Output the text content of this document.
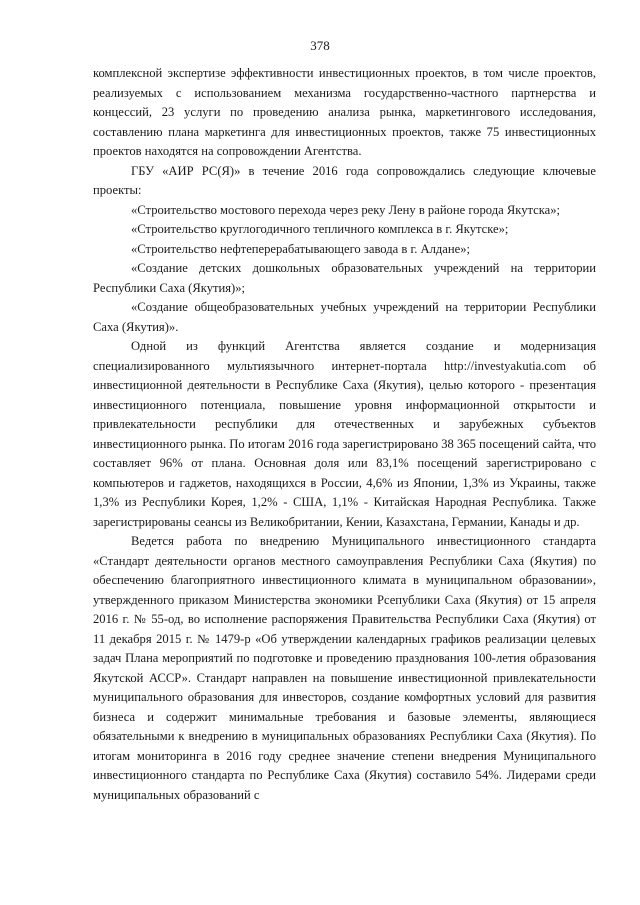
378

комплексной экспертизе эффективности инвестиционных проектов, в том числе проектов, реализуемых с использованием механизма государственно-частного партнерства и концессий, 23 услуги по проведению анализа рынка, маркетингового исследования, составлению плана маркетинга для инвестиционных проектов, также 75 инвестиционных проектов находятся на сопровождении Агентства.

ГБУ «АИР РС(Я)» в течение 2016 года сопровождались следующие ключевые проекты:

«Строительство мостового перехода через реку Лену в районе города Якутска»;

«Строительство круглогодичного тепличного комплекса в г. Якутске»;

«Строительство нефтеперерабатывающего завода в г. Алдане»;

«Создание детских дошкольных образовательных учреждений на территории Республики Саха (Якутия)»;

«Создание общеобразовательных учебных учреждений на территории Республики Саха (Якутия)».

Одной из функций Агентства является создание и модернизация специализированного мультиязычного интернет-портала http://investyakutia.com об инвестиционной деятельности в Республике Саха (Якутия), целью которого - презентация инвестиционного потенциала, повышение уровня информационной открытости и привлекательности республики для отечественных и зарубежных субъектов инвестиционного рынка. По итогам 2016 года зарегистрировано 38 365 посещений сайта, что составляет 96% от плана. Основная доля или 83,1% посещений зарегистрировано с компьютеров и гаджетов, находящихся в России, 4,6% из Японии, 1,3% из Украины, также 1,3% из Республики Корея, 1,2% - США, 1,1% - Китайская Народная Республика. Также зарегистрированы сеансы из Великобритании, Кении, Казахстана, Германии, Канады и др.

Ведется работа по внедрению Муниципального инвестиционного стандарта «Стандарт деятельности органов местного самоуправления Республики Саха (Якутия) по обеспечению благоприятного инвестиционного климата в муниципальном образовании», утвержденного приказом Министерства экономики Рсепублики Саха (Якутия) от 15 апреля 2016 г. № 55-од, во исполнение распоряжения Правительства Республики Саха (Якутия) от 11 декабря 2015 г. № 1479-р «Об утверждении календарных графиков реализации целевых задач Плана мероприятий по подготовке и проведению празднования 100-летия образования Якутской АССР». Стандарт направлен на повышение инвестиционной привлекательности муниципального образования для инвесторов, создание комфортных условий для развития бизнеса и содержит минимальные требования и базовые элементы, являющиеся обязательными к внедрению в муниципальных образованиях Республики Саха (Якутия). По итогам мониторинга в 2016 году среднее значение степени внедрения Муниципального инвестиционного стандарта по Республике Саха (Якутия) составило 54%. Лидерами среди муниципальных образований с
